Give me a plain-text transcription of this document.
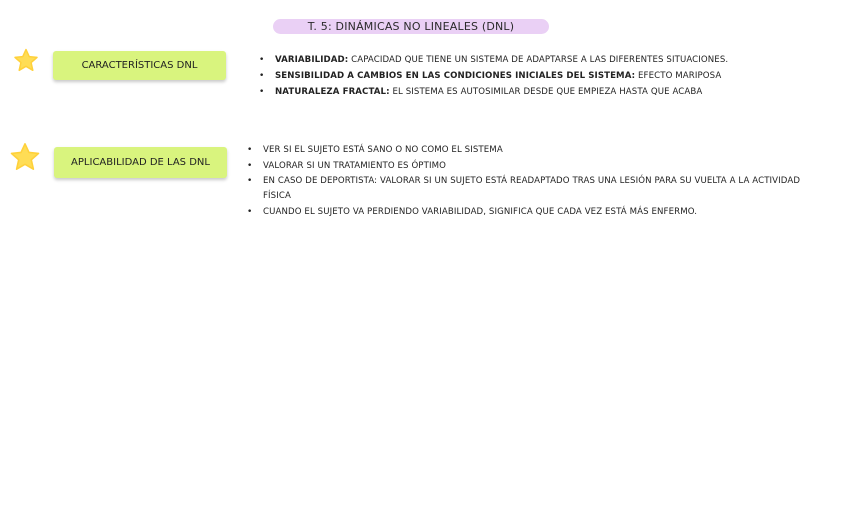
T. 5: DINÁMICAS NO LINEALES (DNL)
CARACTERÍSTICAS DNL	• VARIABILIDAD: CAPACIDAD QUE TIENE UN SISTEMA DE ADAPTARSE A LAS DIFERENTES SITUACIONES.
• SENSIBILIDAD A CAMBIOS EN LAS CONDICIONES INICIALES DEL SISTEMA: EFECTO MARIPOSA
• NATURALEZA FRACTAL: EL SISTEMA ES AUTOSIMILAR DESDE QUE EMPIEZA HASTA QUE ACABA
APLICABILIDAD DE LAS DNL
• VER SI EL SUJETO ESTÁ SANO O NO COMO EL SISTEMA
• VALORAR SI UN TRATAMIENTO ES ÓPTIMO
• EN CASO DE DEPORTISTA: VALORAR SI UN SUJETO ESTÁ READAPTADO TRAS UNA LESIÓN PARA SU VUELTA A LA ACTIVIDAD FÍSICA
• CUANDO EL SUJETO VA PERDIENDO VARIABILIDAD, SIGNIFICA QUE CADA VEZ ESTÁ MÁS ENFERMO.
